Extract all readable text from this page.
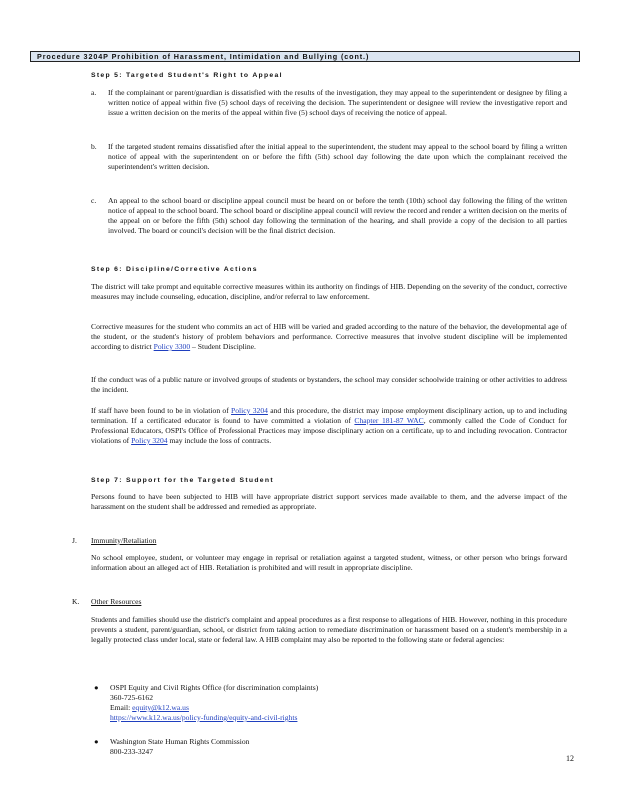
Procedure 3204P Prohibition of Harassment, Intimidation and Bullying (cont.)
Step 5: Targeted Student's Right to Appeal
a. If the complainant or parent/guardian is dissatisfied with the results of the investigation, they may appeal to the superintendent or designee by filing a written notice of appeal within five (5) school days of receiving the decision. The superintendent or designee will review the investigative report and issue a written decision on the merits of the appeal within five (5) school days of receiving the notice of appeal.
b. If the targeted student remains dissatisfied after the initial appeal to the superintendent, the student may appeal to the school board by filing a written notice of appeal with the superintendent on or before the fifth (5th) school day following the date upon which the complainant received the superintendent's written decision.
c. An appeal to the school board or discipline appeal council must be heard on or before the tenth (10th) school day following the filing of the written notice of appeal to the school board. The school board or discipline appeal council will review the record and render a written decision on the merits of the appeal on or before the fifth (5th) school day following the termination of the hearing, and shall provide a copy of the decision to all parties involved. The board or council's decision will be the final district decision.
Step 6: Discipline/Corrective Actions
The district will take prompt and equitable corrective measures within its authority on findings of HIB. Depending on the severity of the conduct, corrective measures may include counseling, education, discipline, and/or referral to law enforcement.
Corrective measures for the student who commits an act of HIB will be varied and graded according to the nature of the behavior, the developmental age of the student, or the student's history of problem behaviors and performance. Corrective measures that involve student discipline will be implemented according to district Policy 3300 – Student Discipline.
If the conduct was of a public nature or involved groups of students or bystanders, the school may consider schoolwide training or other activities to address the incident.
If staff have been found to be in violation of Policy 3204 and this procedure, the district may impose employment disciplinary action, up to and including termination. If a certificated educator is found to have committed a violation of Chapter 181-87 WAC, commonly called the Code of Conduct for Professional Educators, OSPI's Office of Professional Practices may impose disciplinary action on a certificate, up to and including revocation. Contractor violations of Policy 3204 may include the loss of contracts.
Step 7: Support for the Targeted Student
Persons found to have been subjected to HIB will have appropriate district support services made available to them, and the adverse impact of the harassment on the student shall be addressed and remedied as appropriate.
J. Immunity/Retaliation
No school employee, student, or volunteer may engage in reprisal or retaliation against a targeted student, witness, or other person who brings forward information about an alleged act of HIB. Retaliation is prohibited and will result in appropriate discipline.
K. Other Resources
Students and families should use the district's complaint and appeal procedures as a first response to allegations of HIB. However, nothing in this procedure prevents a student, parent/guardian, school, or district from taking action to remediate discrimination or harassment based on a student's membership in a legally protected class under local, state or federal law. A HIB complaint may also be reported to the following state or federal agencies:
● OSPI Equity and Civil Rights Office (for discrimination complaints)
360-725-6162
Email: equity@k12.wa.us
https://www.k12.wa.us/policy-funding/equity-and-civil-rights
● Washington State Human Rights Commission
800-233-3247
12
